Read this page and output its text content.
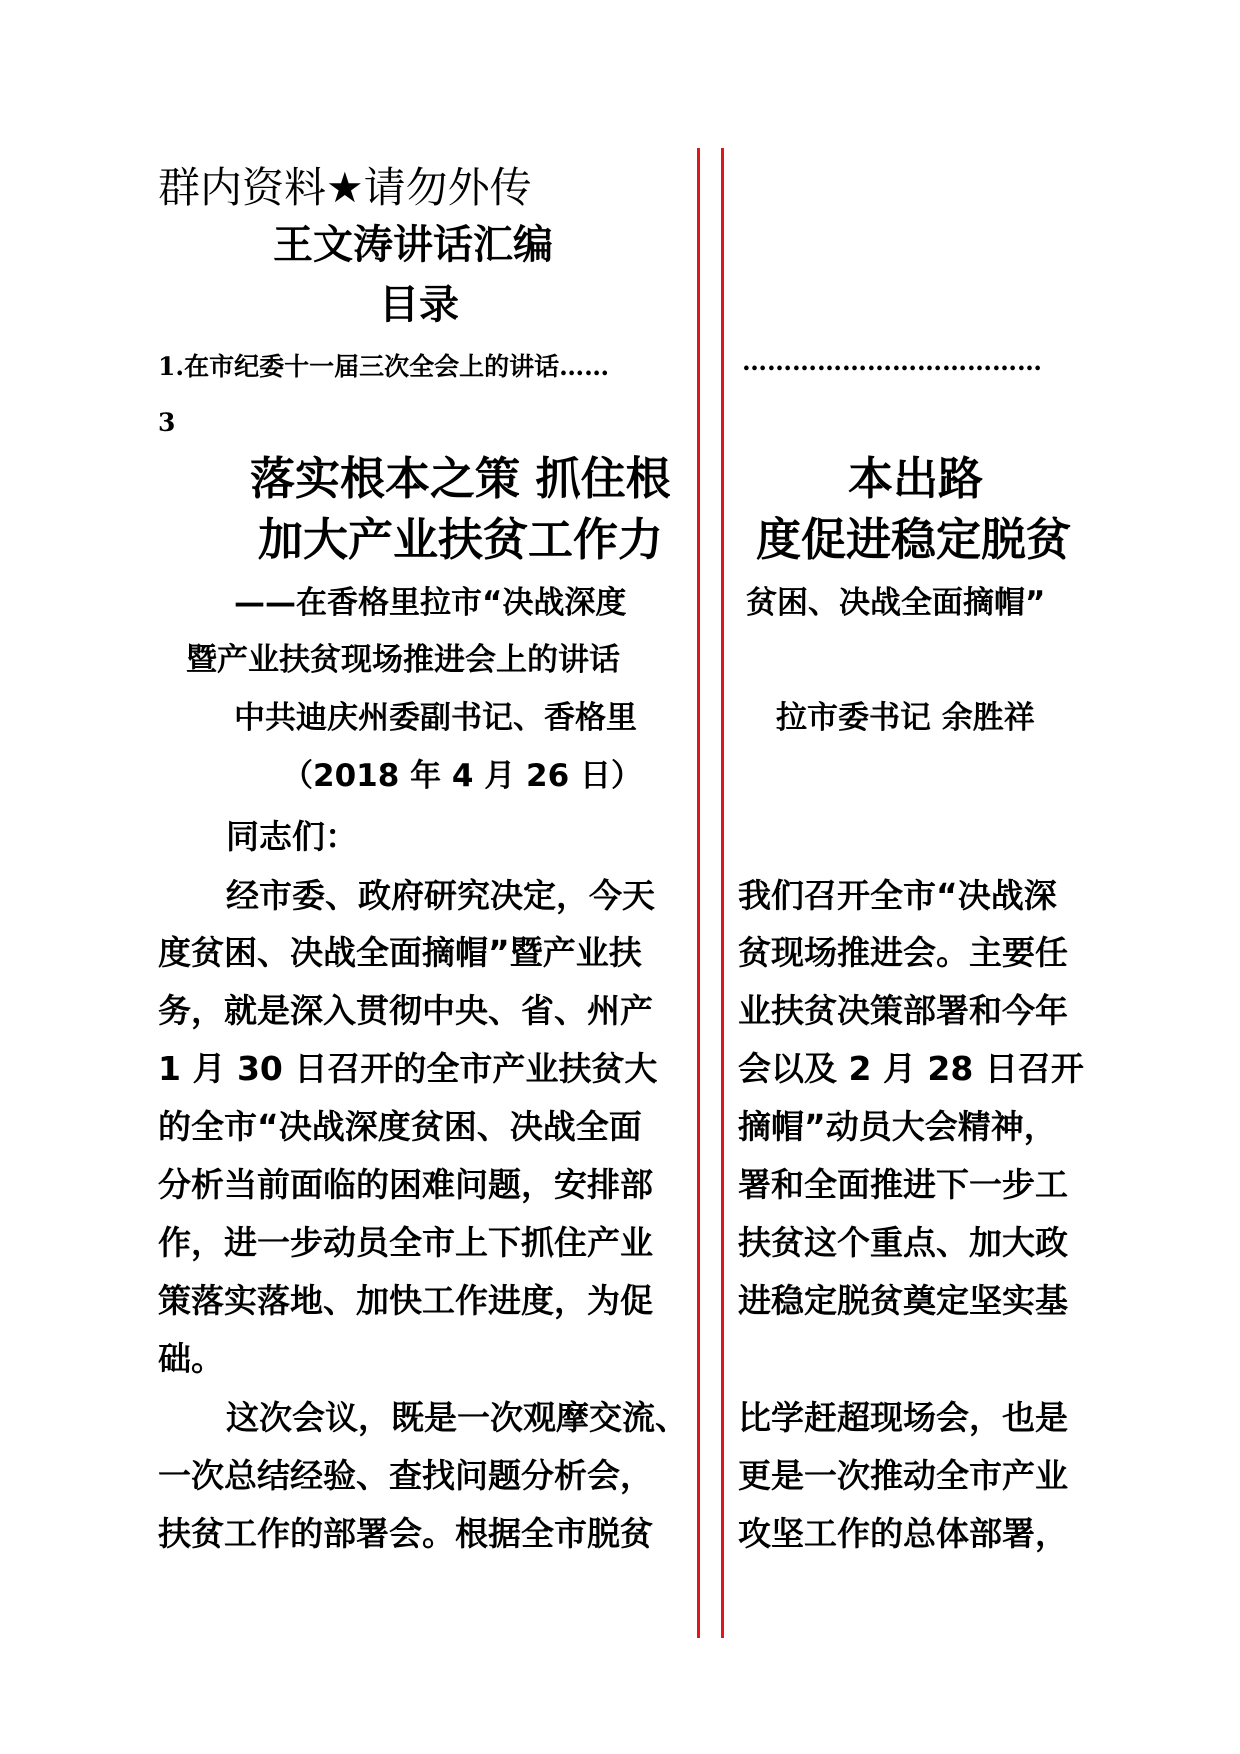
群内资料★请勿外传
王文涛讲话汇编
目录
1.在市纪委十一届三次全会上的讲话……	………………………………
3
落实根本之策 抓住根	本出路
加大产业扶贫工作力 度促进稳定脱贫
——在香格里拉市“决战深度	贫困、决战全面摘帽”
暨产业扶贫现场推进会上的讲话
中共迪庆州委副书记、香格里	拉市委书记 余胜祥
（2018 年 4 月 26 日）
同志们：
经市委、政府研究决定，今天
度贫困、决战全面摘帽”暨产业扶
务，就是深入贯彻中央、省、州产
1 月 30 日召开的全市产业扶贫大
的全市“决战深度贫困、决战全面
分析当前面临的困难问题，安排部
作，进一步动员全市上下抓住产业
策落实落地、加快工作进度，为促
础。
我们召开全市“决战深
贫现场推进会。主要任
业扶贫决策部署和今年
会以及 2 月 28 日召开
摘帽”动员大会精神，
署和全面推进下一步工
扶贫这个重点、加大政
进稳定脱贫奠定坚实基
这次会议，既是一次观摩交流、
一次总结经验、查找问题分析会，
扶贫工作的部署会。根据全市脱贫
比学赶超现场会，也是
更是一次推动全市产业
攻坚工作的总体部署，
